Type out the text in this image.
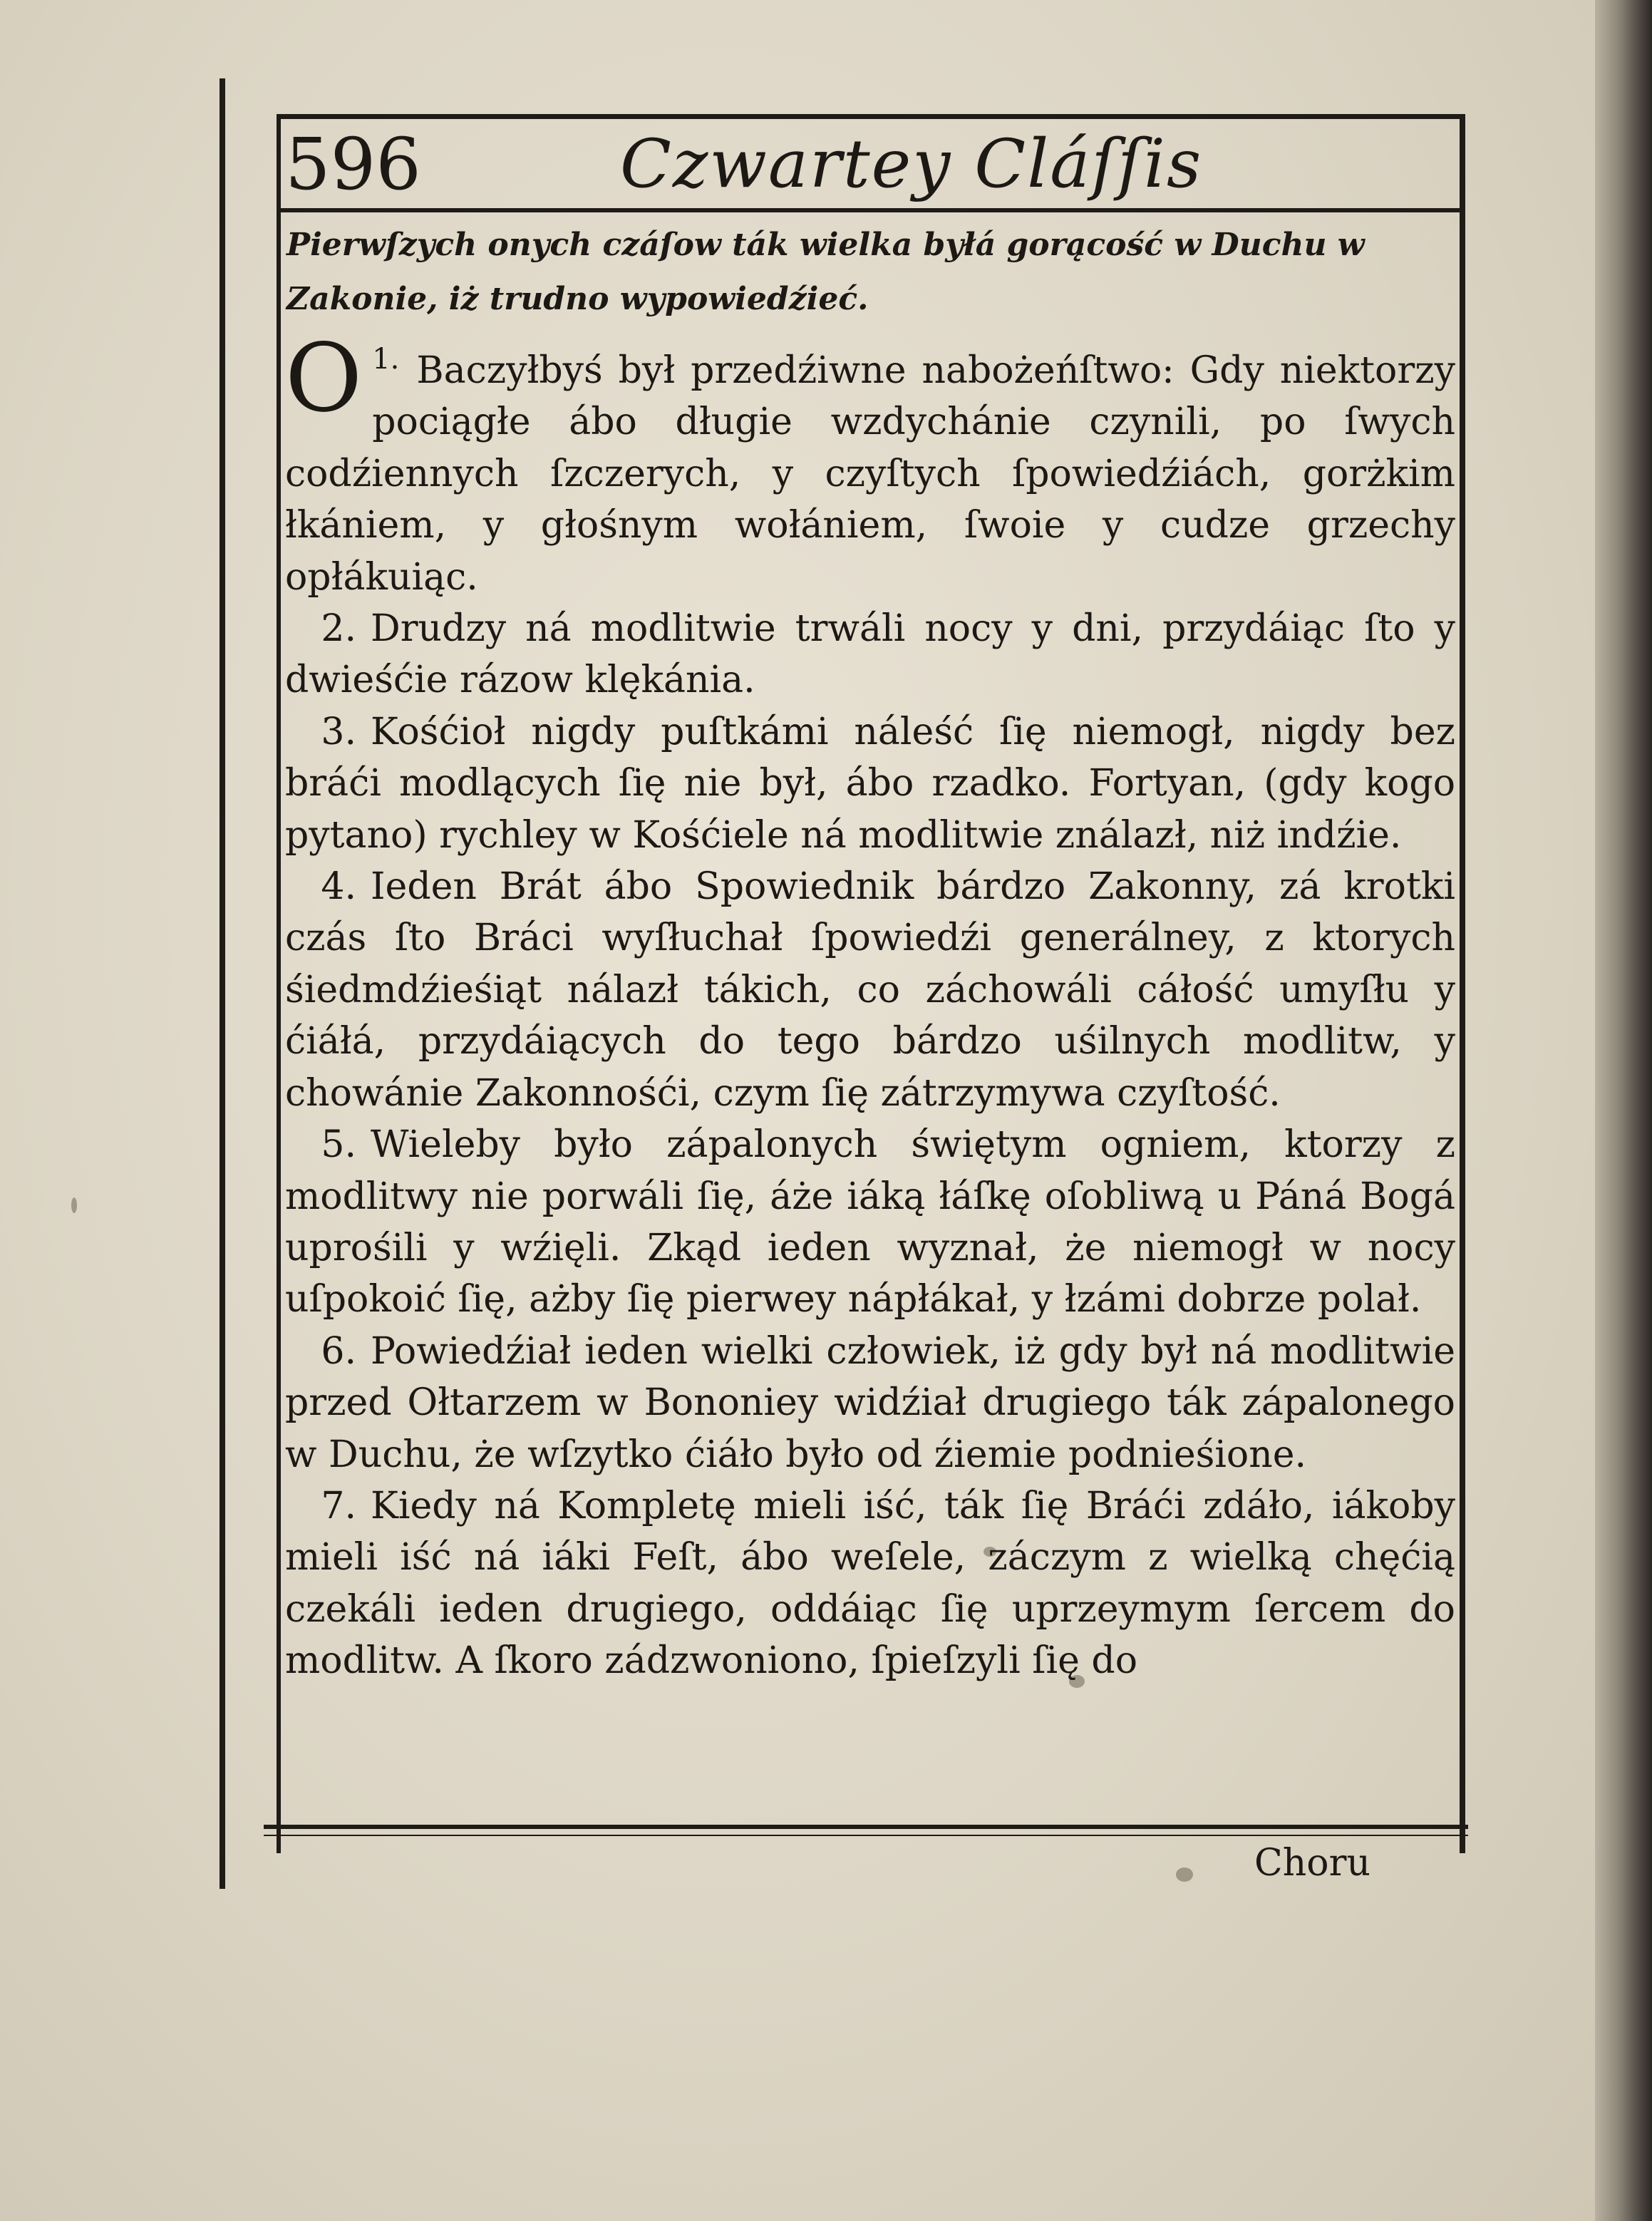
596	Czwartey Cláſſis

Pierwſzych onych czáſow ták wielka byłá gorącość w Duchu w Zakonie, iż trudno wypowiedźieć.

$^{1.}$
O Baczyłbyś był przedźiwne nabożeńſtwo: Gdy niektorzy pociągłe ábo długie wzdychánie czynili, po ſwych codźiennych ſzczerych, y czyſtych ſpowiedźiách, gorżkim łkániem, y głośnym wołániem, ſwoie y cudze grzechy opłákuiąc.

2. Drudzy ná modlitwie trwáli nocy y dni, przydáiąc ſto y dwieśćie rázow klękánia.

3. Kośćioł nigdy puſtkámi náleść ſię niemogł, nigdy bez bráći modlących ſię nie był, ábo rzadko. Fortyan, (gdy kogo pytano) rychley w Kośćiele ná modlitwie ználazł, niż indźie.

4. Ieden Brát ábo Spowiednik bárdzo Zakonny, zá krotki czás ſto Bráci wyſłuchał ſpowiedźi generálney, z ktorych śiedmdźieśiąt nálazł tákich, co záchowáli cáłość umyſłu y ćiáłá, przydáiących do tego bárdzo uśilnych modlitw, y chowánie Zakonnośći, czym ſię zátrzymywa czyſtość.

5. Wieleby było zápalonych świętym ogniem, ktorzy z modlitwy nie porwáli ſię, áże iáką łáſkę oſobliwą u Páná Bogá uprośili y wźięli. Zkąd ieden wyznał, że niemogł w nocy uſpokoić ſię, ażby ſię pierwey nápłákał, y łzámi dobrze polał.

6. Powiedźiał ieden wielki człowiek, iż gdy był ná modlitwie przed Ołtarzem w Bononiey widźiał drugiego ták zápalonego w Duchu, że wſzytko ćiáło było od źiemie podnieśione.

7. Kiedy ná Kompletę mieli iść, ták ſię Bráći zdáło, iákoby mieli iść ná iáki Feſt, ábo weſele, záczym z wielką chęćią czekáli ieden drugiego, oddáiąc ſię uprzeymym ſercem do modlitw. A ſkoro zádzwoniono, ſpieſzyli ſię do

Choru
